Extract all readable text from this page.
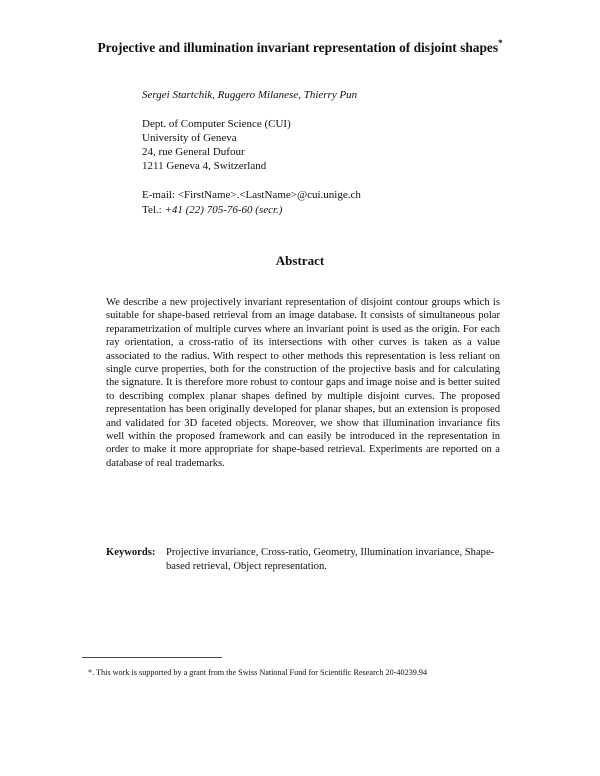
Projective and illumination invariant representation of disjoint shapes*
Sergei Startchik, Ruggero Milanese, Thierry Pun
Dept. of Computer Science (CUI)
University of Geneva
24, rue General Dufour
1211 Geneva 4, Switzerland
E-mail: <FirstName>.<LastName>@cui.unige.ch
Tel.: +41 (22) 705-76-60 (secr.)
Abstract
We describe a new projectively invariant representation of disjoint contour groups which is suitable for shape-based retrieval from an image database. It consists of simultaneous polar reparametrization of multiple curves where an invariant point is used as the origin. For each ray orientation, a cross-ratio of its intersections with other curves is taken as a value associated to the radius. With respect to other methods this representation is less reliant on single curve properties, both for the construction of the projective basis and for calculating the signature. It is therefore more robust to contour gaps and image noise and is better suited to describing complex planar shapes defined by multiple disjoint curves. The proposed representation has been originally developed for planar shapes, but an extension is proposed and validated for 3D faceted objects. Moreover, we show that illumination invariance fits well within the proposed framework and can easily be introduced in the representation in order to make it more appropriate for shape-based retrieval. Experiments are reported on a database of real trademarks.
Keywords: Projective invariance, Cross-ratio, Geometry, Illumination invariance, Shape-based retrieval, Object representation.
*. This work is supported by a grant from the Swiss National Fund for Scientific Research 20-40239.94
